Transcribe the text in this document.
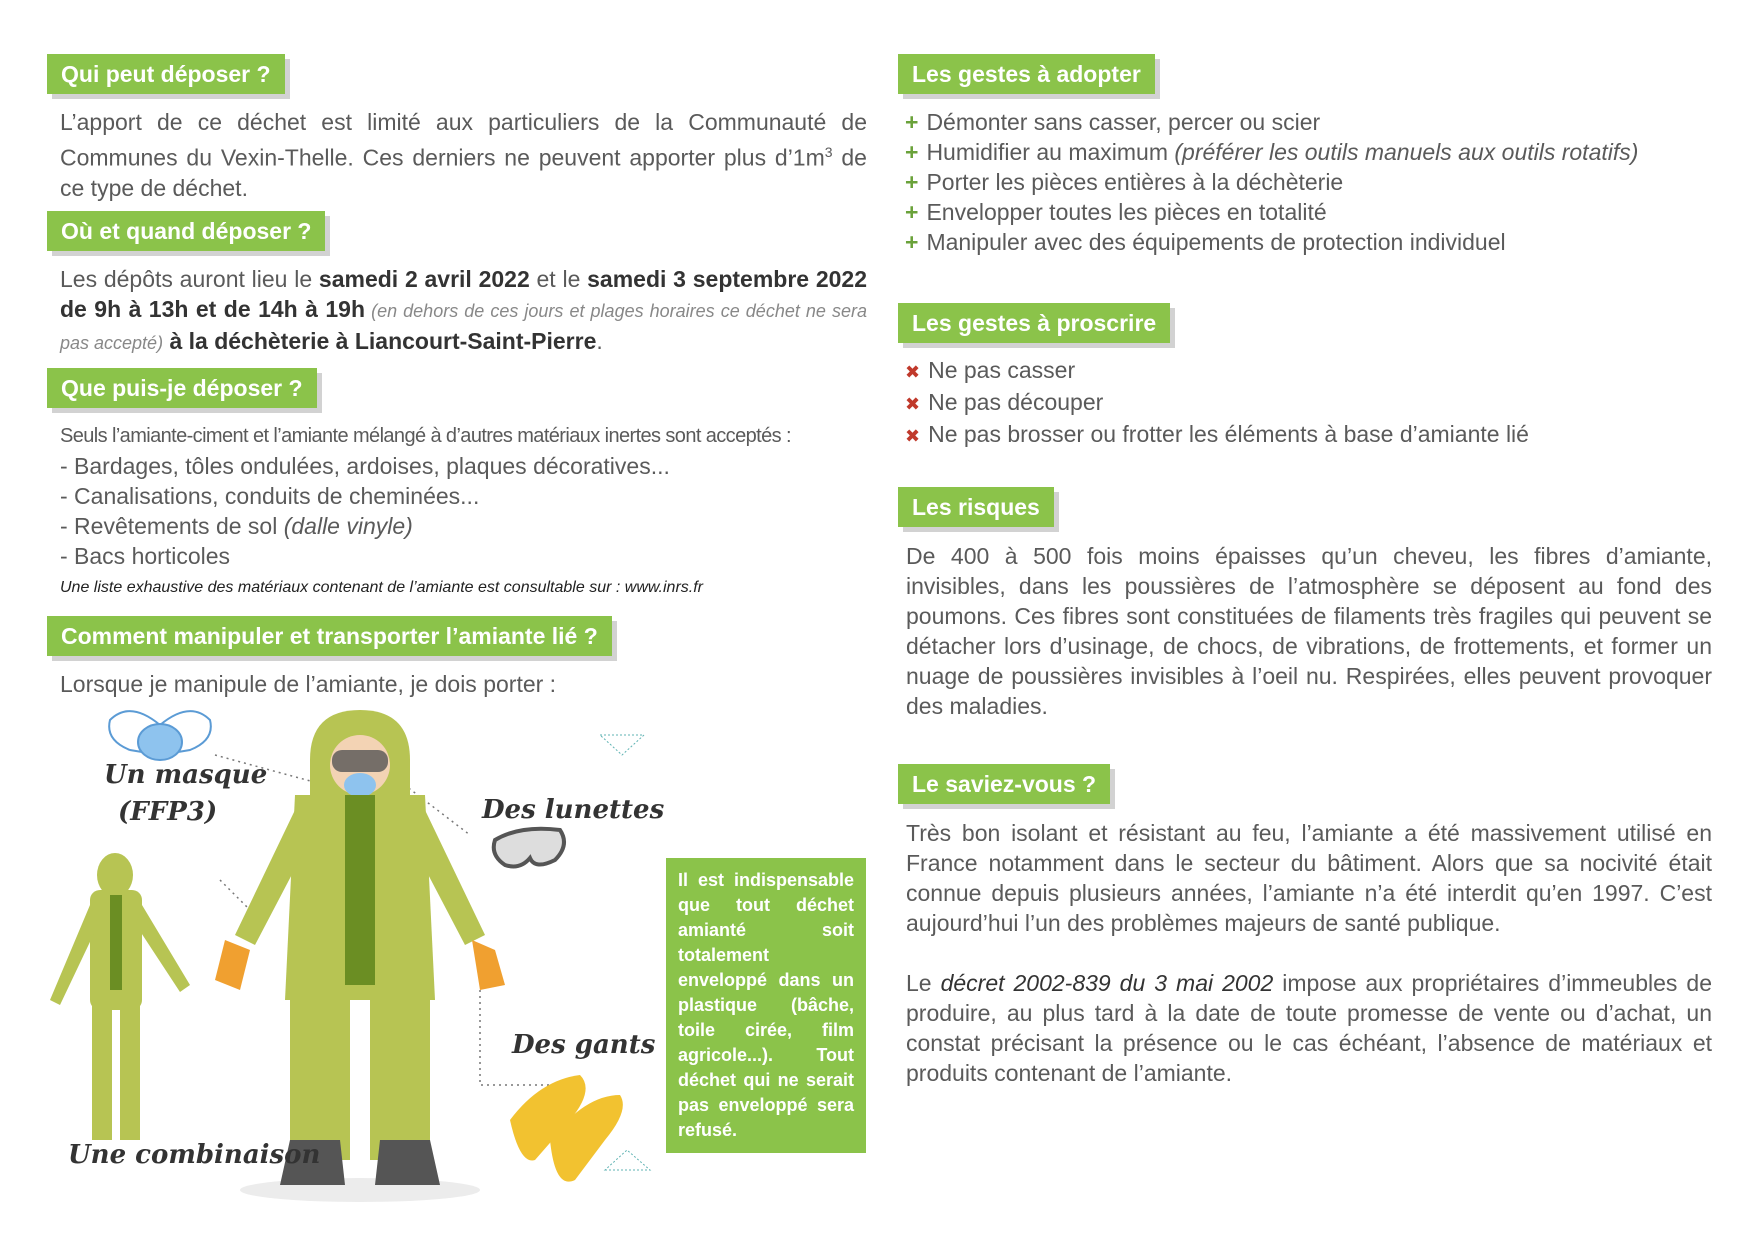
Qui peut déposer ?
L’apport de ce déchet est limité aux particuliers de la Communauté de Communes du Vexin-Thelle. Ces derniers ne peuvent apporter plus $d’1m^3$ de ce type de déchet.
Où et quand déposer ?
Les dépôts auront lieu le samedi 2 avril 2022 et le samedi 3 septembre 2022 de 9h à 13h et de 14h à 19h (en dehors de ces jours et plages horaires ce déchet ne sera pas accepté) à la déchèterie à Liancourt-Saint-Pierre.
Que puis-je déposer ?
Seuls l’amiante-ciment et l’amiante mélangé à d’autres matériaux inertes sont acceptés :
- Bardages, tôles ondulées, ardoises, plaques décoratives...
- Canalisations, conduits de cheminées...
- Revêtements de sol (dalle vinyle)
- Bacs horticoles
Une liste exhaustive des matériaux contenant de l’amiante est consultable sur : www.inrs.fr
Comment manipuler et transporter l’amiante lié ?
Lorsque je manipule de l’amiante, je dois porter :
Un masque
(FFP3)	Des lunettes
Des gants
Une combinaison
Il est indispensable que tout déchet amianté soit totalement enveloppé dans un plastique (bâche, toile cirée, film agricole...). Tout déchet qui ne serait pas enveloppé sera refusé.
Les gestes à adopter
+ Démonter sans casser, percer ou scier
+ Humidifier au maximum (préférer les outils manuels aux outils rotatifs)
+ Porter les pièces entières à la déchèterie
+ Envelopper toutes les pièces en totalité
+ Manipuler avec des équipements de protection individuel
Les gestes à proscrire
✖ Ne pas casser
✖ Ne pas découper
✖ Ne pas brosser ou frotter les éléments à base d’amiante lié
Les risques
De 400 à 500 fois moins épaisses qu’un cheveu, les fibres d’amiante, invisibles, dans les poussières de l’atmosphère se déposent au fond des poumons. Ces fibres sont constituées de filaments très fragiles qui peuvent se détacher lors d’usinage, de chocs, de vibrations, de frottements, et former un nuage de poussières invisibles à l’oeil nu. Respirées, elles peuvent provoquer des maladies.
Le saviez-vous ?
Très bon isolant et résistant au feu, l’amiante a été massivement utilisé en France notamment dans le secteur du bâtiment. Alors que sa nocivité était connue depuis plusieurs années, l’amiante n’a été interdit qu’en 1997. C’est aujourd’hui l’un des problèmes majeurs de santé publique.
Le décret 2002-839 du 3 mai 2002 impose aux propriétaires d’immeubles de produire, au plus tard à la date de toute promesse de vente ou d’achat, un constat précisant la présence ou le cas échéant, l’absence de matériaux et produits contenant de l’amiante.
